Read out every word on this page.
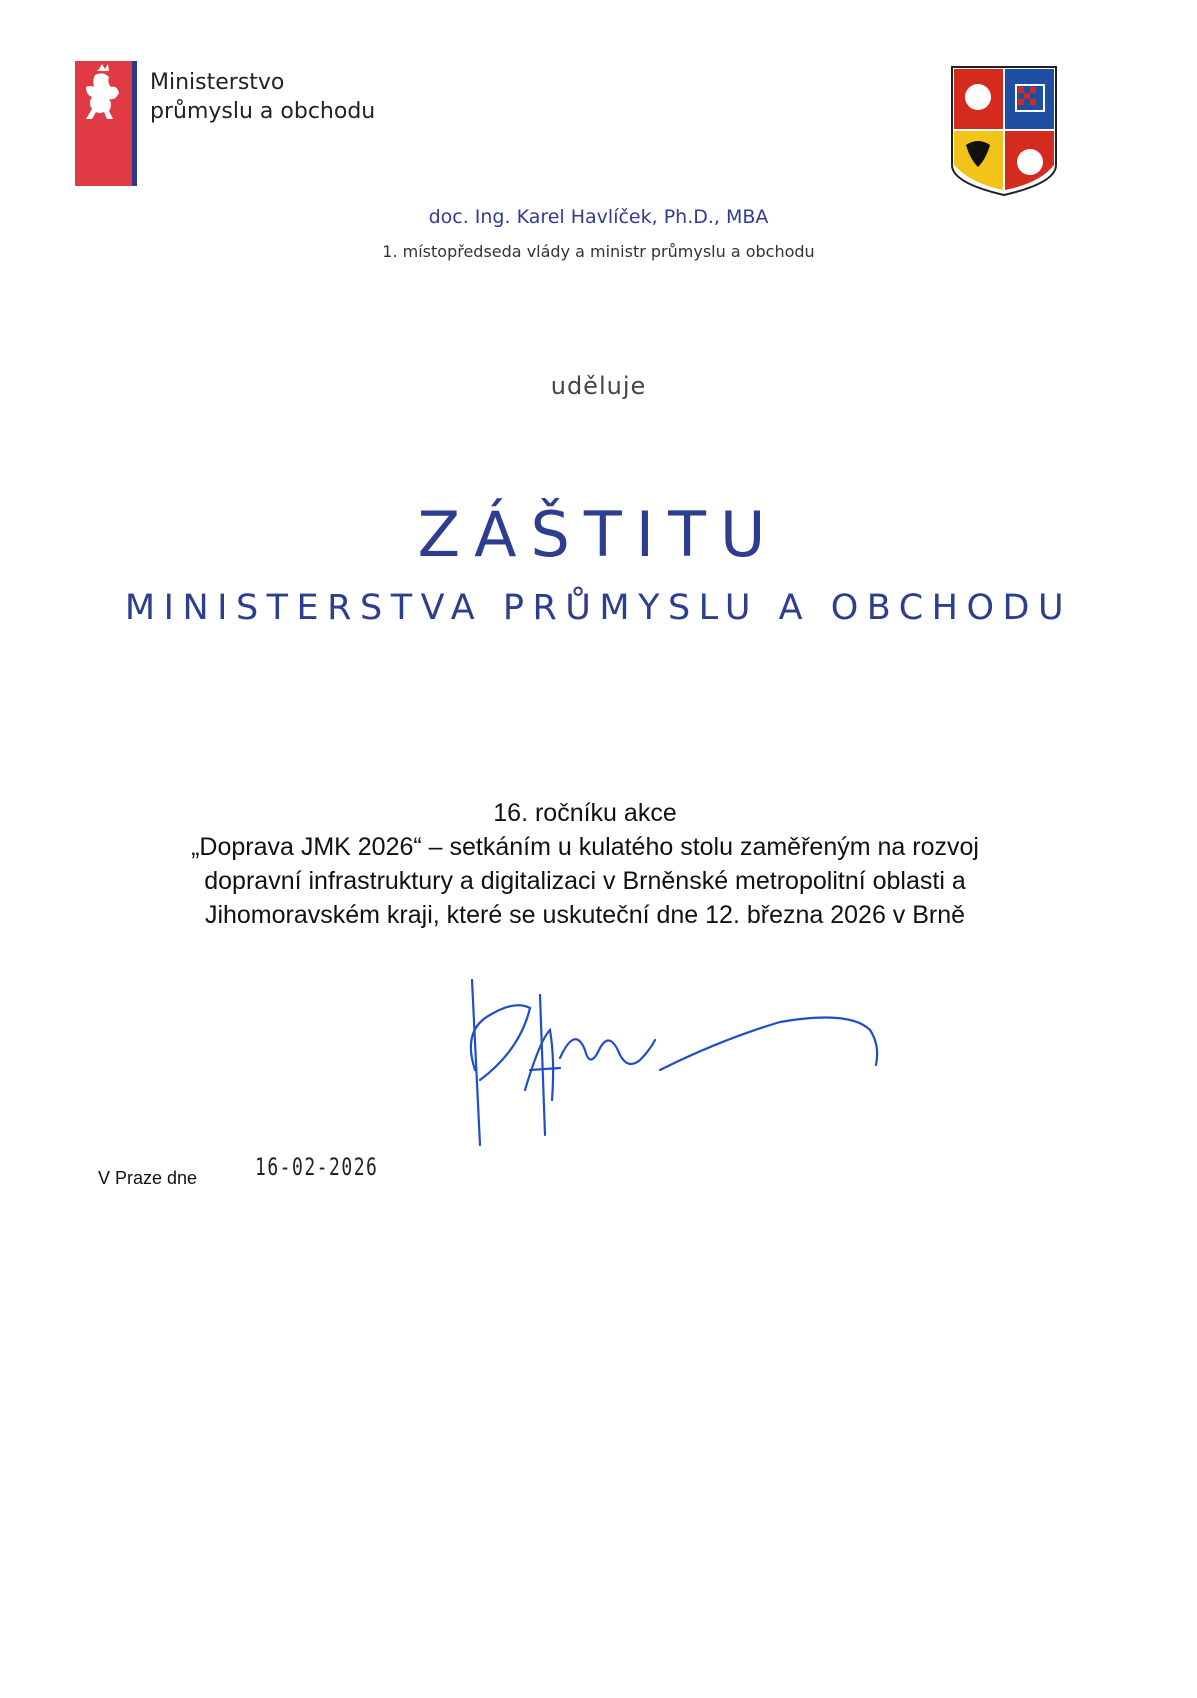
Ministerstvo
průmyslu a obchodu
doc. Ing. Karel Havlíček, Ph.D., MBA
1. místopředseda vlády a ministr průmyslu a obchodu
uděluje
ZÁŠTITU
MINISTERSTVA PRŮMYSLU A OBCHODU
16. ročníku akce
„Doprava JMK 2026“ – setkáním u kulatého stolu zaměřeným na rozvoj
dopravní infrastruktury a digitalizaci v Brněnské metropolitní oblasti a
Jihomoravském kraji, které se uskuteční dne 12. března 2026 v Brně
V Praze dne 16-02-2026
